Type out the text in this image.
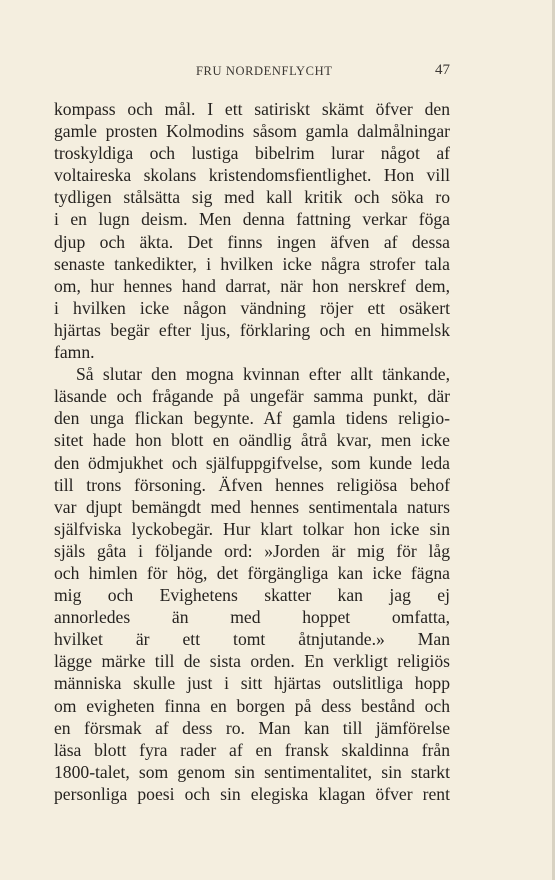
FRU NORDENFLYCHT	47
kompass och mål. I ett satiriskt skämt öfver den
gamle prosten Kolmodins såsom gamla dalmålningar
troskyldiga och lustiga bibelrim lurar något af
voltaireska skolans kristendomsfientlighet. Hon vill
tydligen stålsätta sig med kall kritik och söka ro
i en lugn deism. Men denna fattning verkar föga
djup och äkta. Det finns ingen äfven af dessa
senaste tankedikter, i hvilken icke några strofer tala
om, hur hennes hand darrat, när hon nerskref dem,
i hvilken icke någon vändning röjer ett osäkert
hjärtas begär efter ljus, förklaring och en himmelsk
famn.
Så slutar den mogna kvinnan efter allt tänkande,
läsande och frågande på ungefär samma punkt, där
den unga flickan begynte. Af gamla tidens religio-
sitet hade hon blott en oändlig åtrå kvar, men icke
den ödmjukhet och själfuppgifvelse, som kunde leda
till trons försoning. Äfven hennes religiösa behof
var djupt bemängdt med hennes sentimentala naturs
själfviska lyckobegär. Hur klart tolkar hon icke sin
själs gåta i följande ord: »Jorden är mig för låg
och himlen för hög, det förgängliga kan icke fägna
mig och Evighetens skatter kan jag ej
annorledes än med hoppet omfatta,
hvilket är ett tomt åtnjutande.» Man
lägge märke till de sista orden. En verkligt religiös
människa skulle just i sitt hjärtas outslitliga hopp
om evigheten finna en borgen på dess bestånd och
en försmak af dess ro. Man kan till jämförelse
läsa blott fyra rader af en fransk skaldinna från
1800-talet, som genom sin sentimentalitet, sin starkt
personliga poesi och sin elegiska klagan öfver rent
